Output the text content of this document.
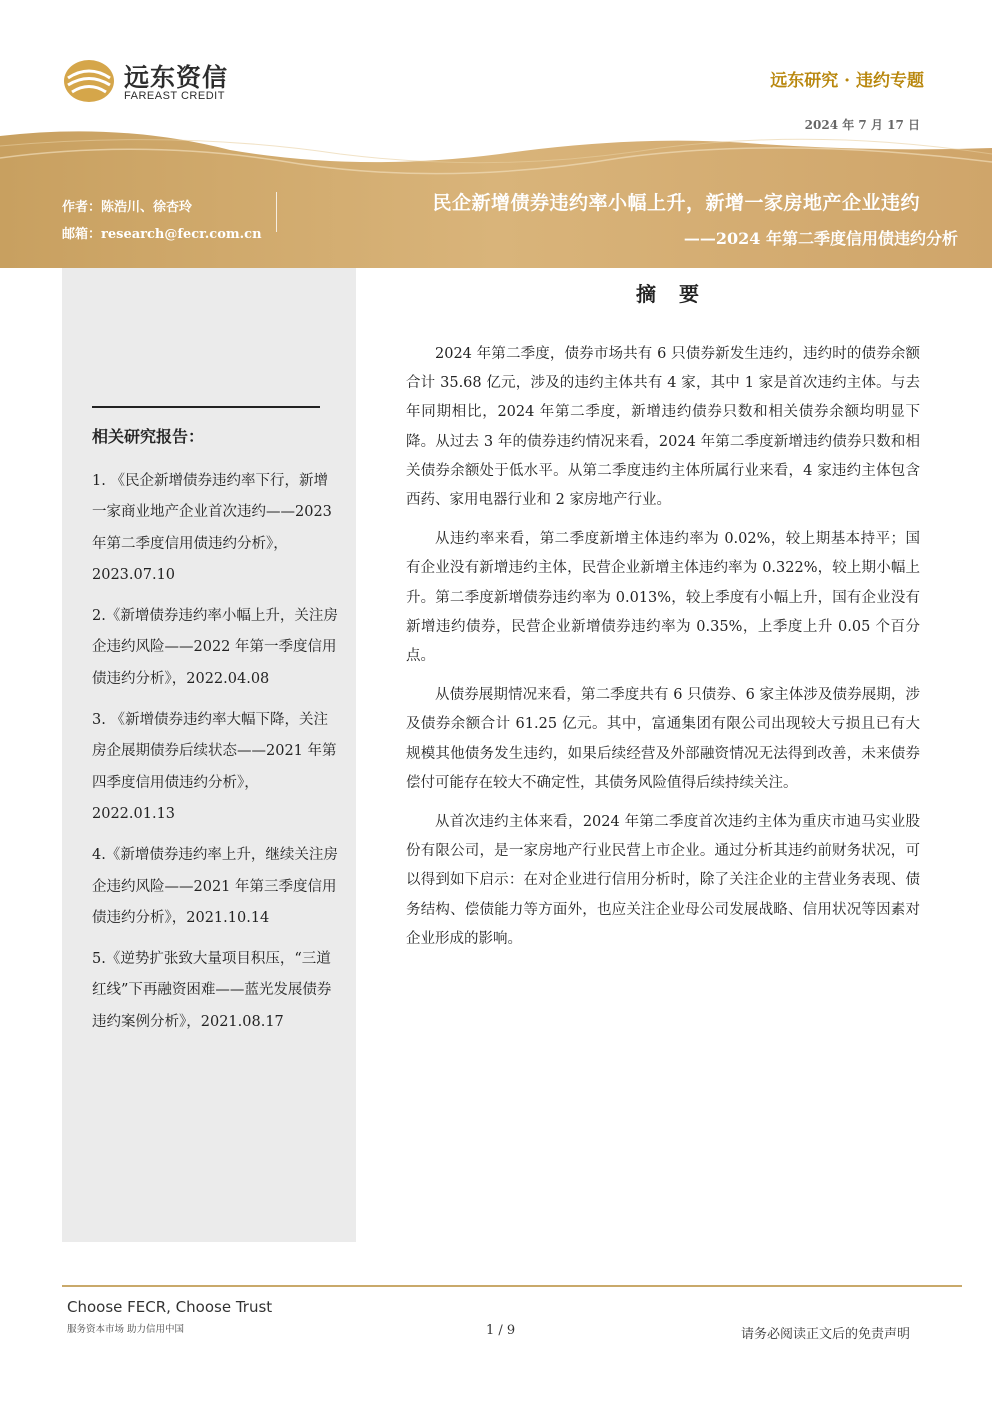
远东资信
FAREAST CREDIT
远东研究 · 违约专题
2024 年 7 月 17 日
作者：陈浩川、徐杏玲
邮箱：research@fecr.com.cn
民企新增债券违约率小幅上升，新增一家房地产企业违约
——2024 年第二季度信用债违约分析
相关研究报告：
1. 《民企新增债券违约率下行，新增一家商业地产企业首次违约——2023 年第二季度信用债违约分析》，2023.07.10
2.《新增债券违约率小幅上升，关注房企违约风险——2022 年第一季度信用债违约分析》，2022.04.08
3. 《新增债券违约率大幅下降，关注房企展期债券后续状态——2021 年第四季度信用债违约分析》，2022.01.13
4.《新增债券违约率上升，继续关注房企违约风险——2021 年第三季度信用债违约分析》，2021.10.14
5.《逆势扩张致大量项目积压，“三道红线”下再融资困难——蓝光发展债券违约案例分析》，2021.08.17
摘 要

2024 年第二季度，债券市场共有 6 只债券新发生违约，违约时的债券余额合计 35.68 亿元，涉及的违约主体共有 4 家，其中 1 家是首次违约主体。与去年同期相比，2024 年第二季度，新增违约债券只数和相关债券余额均明显下降。从过去 3 年的债券违约情况来看，2024 年第二季度新增违约债券只数和相关债券余额处于低水平。从第二季度违约主体所属行业来看，4 家违约主体包含西药、家用电器行业和 2 家房地产行业。

从违约率来看，第二季度新增主体违约率为 0.02%，较上期基本持平；国有企业没有新增违约主体，民营企业新增主体违约率为 0.322%，较上期小幅上升。第二季度新增债券违约率为 0.013%，较上季度有小幅上升，国有企业没有新增违约债券，民营企业新增债券违约率为 0.35%，上季度上升 0.05 个百分点。

从债券展期情况来看，第二季度共有 6 只债券、6 家主体涉及债券展期，涉及债券余额合计 61.25 亿元。其中，富通集团有限公司出现较大亏损且已有大规模其他债务发生违约，如果后续经营及外部融资情况无法得到改善，未来债券偿付可能存在较大不确定性，其债务风险值得后续持续关注。

从首次违约主体来看，2024 年第二季度首次违约主体为重庆市迪马实业股份有限公司，是一家房地产行业民营上市企业。通过分析其违约前财务状况，可以得到如下启示：在对企业进行信用分析时，除了关注企业的主营业务表现、债务结构、偿债能力等方面外，也应关注企业母公司发展战略、信用状况等因素对企业形成的影响。

Choose FECR, Choose Trust
服务资本市场 助力信用中国	1 / 9	请务必阅读正文后的免责声明
